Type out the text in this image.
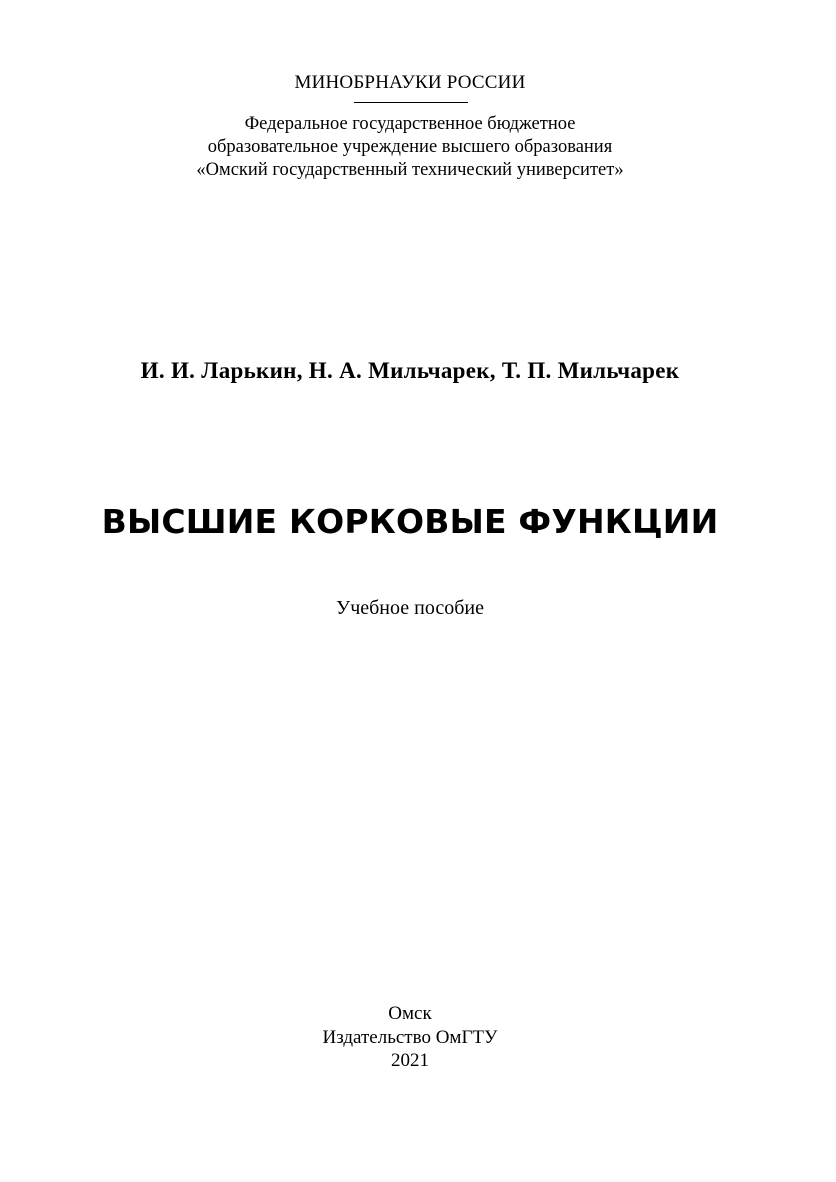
МИНОБРНАУКИ РОССИИ
Федеральное государственное бюджетное
образовательное учреждение высшего образования
«Омский государственный технический университет»
И. И. Ларькин, Н. А. Мильчарек, Т. П. Мильчарек
ВЫСШИЕ КОРКОВЫЕ ФУНКЦИИ
Учебное пособие
Омск
Издательство ОмГТУ
2021
